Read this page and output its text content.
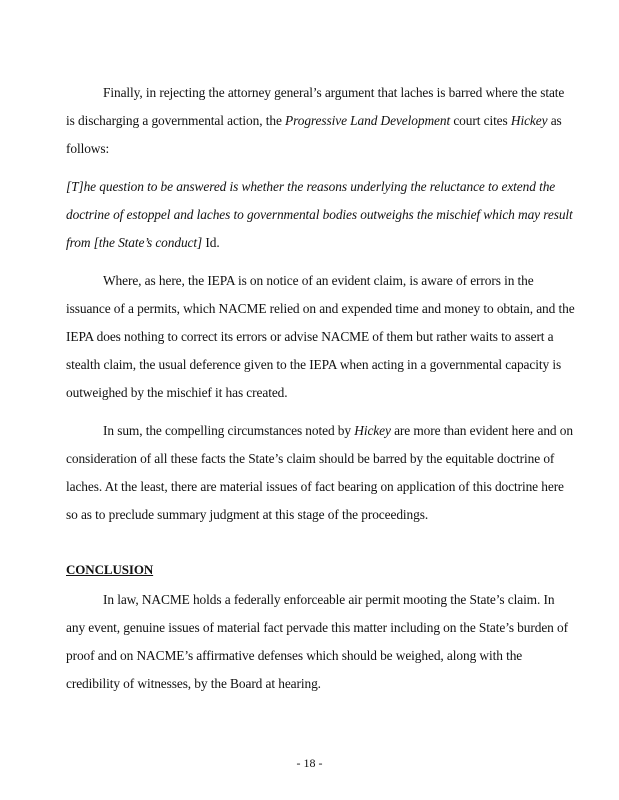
Finally, in rejecting the attorney general’s argument that laches is barred where the state
is discharging a governmental action, the Progressive Land Development court cites Hickey as
follows:
[T]he question to be answered is whether the reasons underlying the reluctance to extend the
doctrine of estoppel and laches to governmental bodies outweighs the mischief which may result
from [the State’s conduct] Id.
Where, as here, the IEPA is on notice of an evident claim, is aware of errors in the
issuance of a permits, which NACME relied on and expended time and money to obtain, and the
IEPA does nothing to correct its errors or advise NACME of them but rather waits to assert a
stealth claim, the usual deference given to the IEPA when acting in a governmental capacity is
outweighed by the mischief it has created.
In sum, the compelling circumstances noted by Hickey are more than evident here and on
consideration of all these facts the State’s claim should be barred by the equitable doctrine of
laches. At the least, there are material issues of fact bearing on application of this doctrine here
so as to preclude summary judgment at this stage of the proceedings.
CONCLUSION
In law, NACME holds a federally enforceable air permit mooting the State’s claim. In
any event, genuine issues of material fact pervade this matter including on the State’s burden of
proof and on NACME’s affirmative defenses which should be weighed, along with the
credibility of witnesses, by the Board at hearing.
- 18 -
